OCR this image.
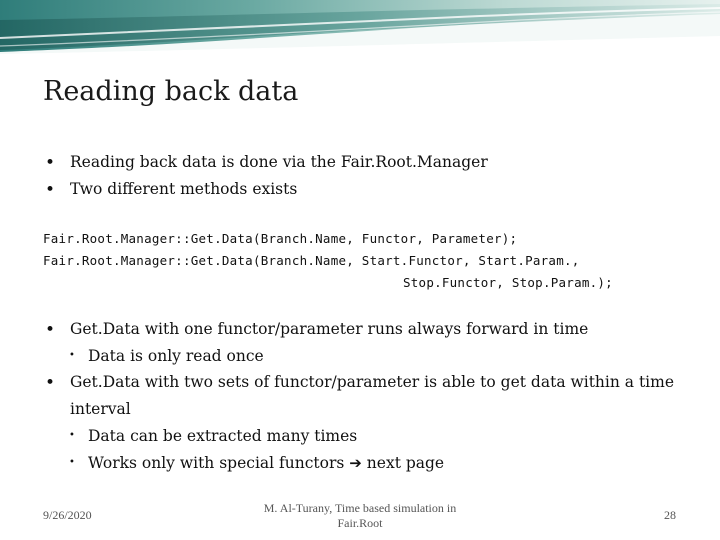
Reading back data
• Reading back data is done via the Fair.Root.Manager
• Two different methods exists
Fair.Root.Manager::Get.Data(Branch.Name, Functor, Parameter);
Fair.Root.Manager::Get.Data(Branch.Name, Start.Functor, Start.Param.,
Stop.Functor, Stop.Param.);
• Get.Data with one functor/parameter runs always forward in time
• Data is only read once
• Get.Data with two sets of functor/parameter is able to get data within a time
interval
• Data can be extracted many times
• Works only with special functors ➔ next page
9/26/2020	M. Al-Turany, Time based simulation in
Fair.Root
28
